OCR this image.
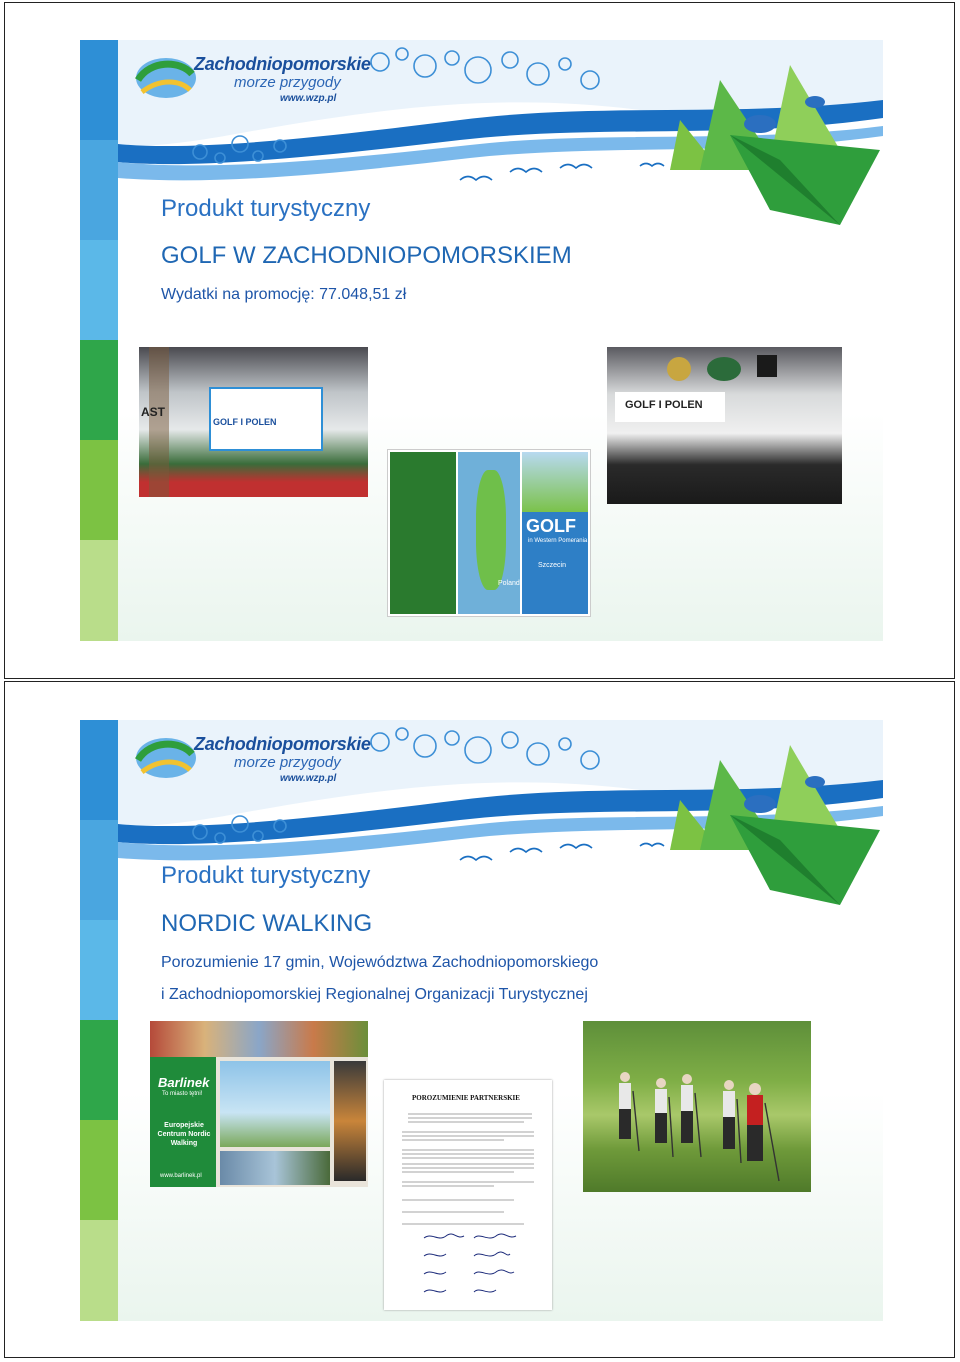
Zachodniopomorskie
morze przygody
www.wzp.pl
Produkt turystyczny
GOLF W ZACHODNIOPOMORSKIEM
Wydatki na promocję: 77.048,51 zł
GOLF I POLEN
AST
GOLF
in Western Pomerania
Szczecin
Poland
GOLF I POLEN
Zachodniopomorskie
morze przygody
www.wzp.pl
Produkt turystyczny
NORDIC WALKING
Porozumienie 17 gmin, Województwa Zachodniopomorskiego
i Zachodniopomorskiej Regionalnej Organizacji Turystycznej
Barlinek
To miasto tętni!
Europejskie Centrum Nordic Walking
www.barlinek.pl
POROZUMIENIE PARTNERSKIE
